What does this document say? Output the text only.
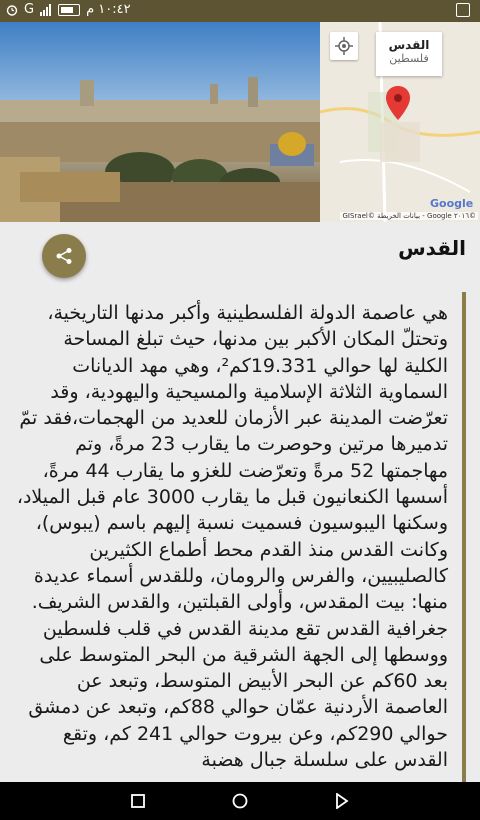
١٠:٤٢ م
G
القدس
فلسطين
Google
GISrael© بيانات الخريطة - Google ٢٠١٦©
القدس
هي عاصمة الدولة الفلسطينية وأكبر مدنها التاريخية، وتحتلّ المكان الأكبر بين مدنها، حيث تبلغ المساحة الكلية لها حوالي 19.331كم²، وهي مهد الديانات السماوية الثلاثة الإسلامية والمسيحية واليهودية، وقد تعرّضت المدينة عبر الأزمان للعديد من الهجمات،فقد تمّ تدميرها مرتين وحوصرت ما يقارب 23 مرةً، وتم مهاجمتها 52 مرةً وتعرّضت للغزو ما يقارب 44 مرةً، أسسها الكنعانيون قبل ما يقارب 3000 عام قبل الميلاد، وسكنها اليبوسيون فسميت نسبة إليهم باسم (يبوس)، وكانت القدس منذ القدم محط أطماع الكثيرين كالصليبيين، والفرس والرومان، وللقدس أسماء عديدة منها: بيت المقدس، وأولى القبلتين، والقدس الشريف. جغرافية القدس تقع مدينة القدس في قلب فلسطين ووسطها إلى الجهة الشرقية من البحر المتوسط على بعد 60كم عن البحر الأبيض المتوسط، وتبعد عن العاصمة الأردنية عمّان حوالي 88كم، وتبعد عن دمشق حوالي 290كم، وعن بيروت حوالي 241 كم، وتقع القدس على سلسلة جبال هضبة
